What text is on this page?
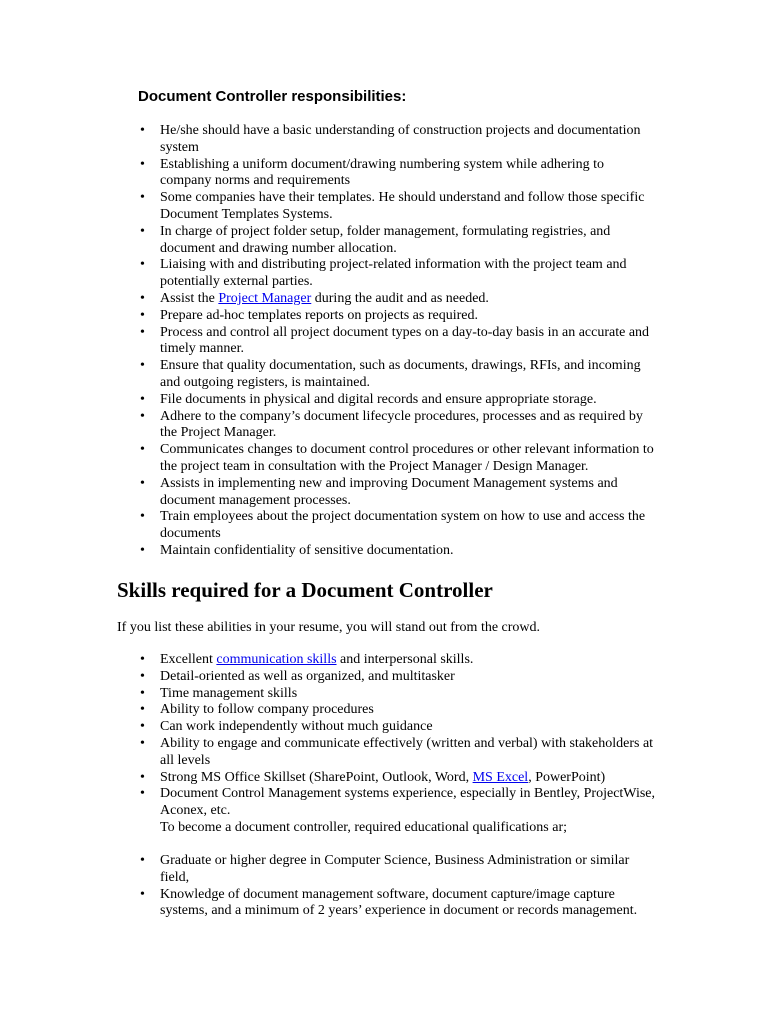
Document Controller responsibilities:
• He/she should have a basic understanding of construction projects and documentation system
• Establishing a uniform document/drawing numbering system while adhering to company norms and requirements
• Some companies have their templates. He should understand and follow those specific Document Templates Systems.
• In charge of project folder setup, folder management, formulating registries, and document and drawing number allocation.
• Liaising with and distributing project-related information with the project team and potentially external parties.
• Assist the Project Manager during the audit and as needed.
• Prepare ad-hoc templates reports on projects as required.
• Process and control all project document types on a day-to-day basis in an accurate and timely manner.
• Ensure that quality documentation, such as documents, drawings, RFIs, and incoming and outgoing registers, is maintained.
• File documents in physical and digital records and ensure appropriate storage.
• Adhere to the company’s document lifecycle procedures, processes and as required by the Project Manager.
• Communicates changes to document control procedures or other relevant information to the project team in consultation with the Project Manager / Design Manager.
• Assists in implementing new and improving Document Management systems and document management processes.
• Train employees about the project documentation system on how to use and access the documents
• Maintain confidentiality of sensitive documentation.
Skills required for a Document Controller

If you list these abilities in your resume, you will stand out from the crowd.

• Excellent communication skills and interpersonal skills.
• Detail-oriented as well as organized, and multitasker
• Time management skills
• Ability to follow company procedures
• Can work independently without much guidance
• Ability to engage and communicate effectively (written and verbal) with stakeholders at all levels
• Strong MS Office Skillset (SharePoint, Outlook, Word, MS Excel, PowerPoint)
• Document Control Management systems experience, especially in Bentley, ProjectWise, Aconex, etc.
To become a document controller, required educational qualifications ar;
• Graduate or higher degree in Computer Science, Business Administration or similar field,
• Knowledge of document management software, document capture/image capture systems, and a minimum of 2 years’ experience in document or records management.
